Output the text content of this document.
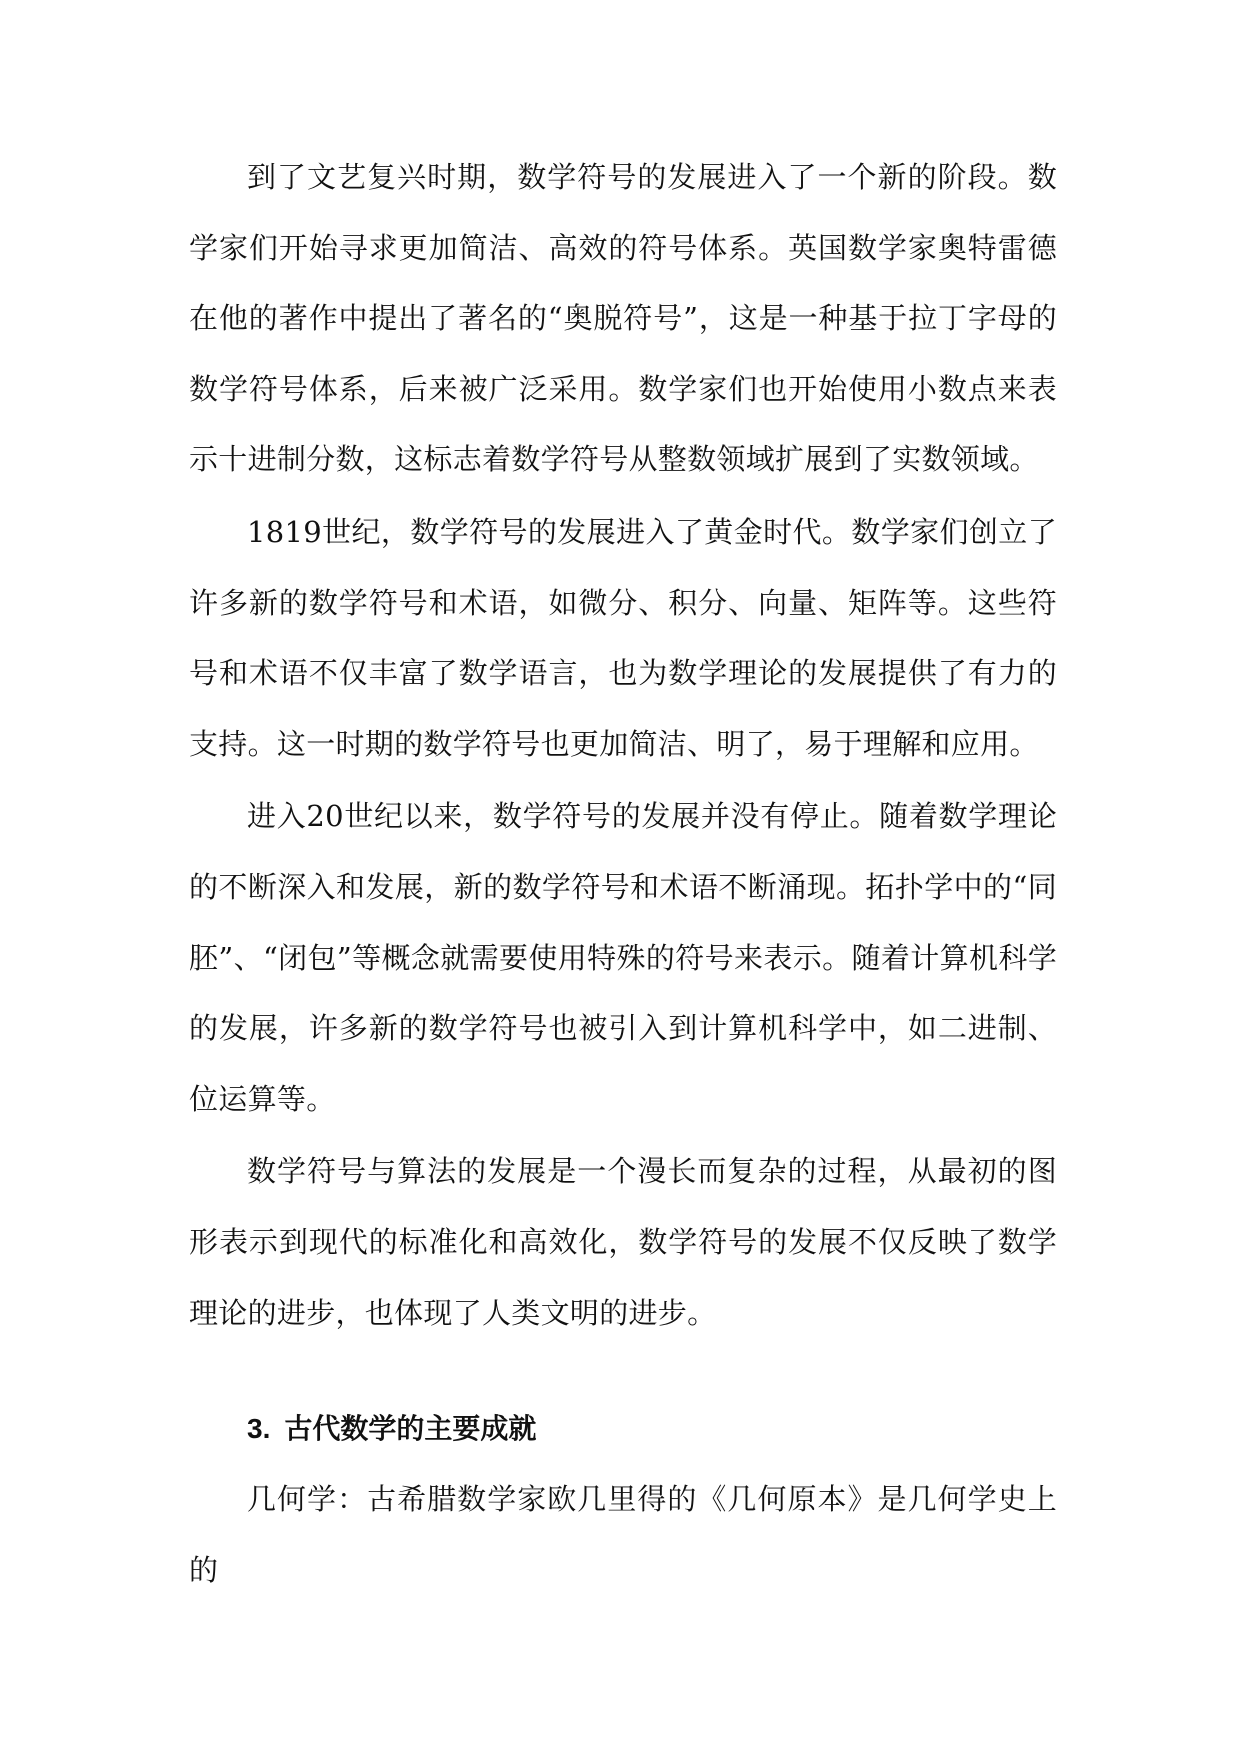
到了文艺复兴时期，数学符号的发展进入了一个新的阶段。数学家们开始寻求更加简洁、高效的符号体系。英国数学家奥特雷德在他的著作中提出了著名的“奥脱符号”，这是一种基于拉丁字母的数学符号体系，后来被广泛采用。数学家们也开始使用小数点来表示十进制分数，这标志着数学符号从整数领域扩展到了实数领域。

1819世纪，数学符号的发展进入了黄金时代。数学家们创立了许多新的数学符号和术语，如微分、积分、向量、矩阵等。这些符号和术语不仅丰富了数学语言，也为数学理论的发展提供了有力的支持。这一时期的数学符号也更加简洁、明了，易于理解和应用。

进入20世纪以来，数学符号的发展并没有停止。随着数学理论的不断深入和发展，新的数学符号和术语不断涌现。拓扑学中的“同胚”、“闭包”等概念就需要使用特殊的符号来表示。随着计算机科学的发展，许多新的数学符号也被引入到计算机科学中，如二进制、位运算等。

数学符号与算法的发展是一个漫长而复杂的过程，从最初的图形表示到现代的标准化和高效化，数学符号的发展不仅反映了数学理论的进步，也体现了人类文明的进步。

3. 古代数学的主要成就

几何学：古希腊数学家欧几里得的《几何原本》是几何学史上的
